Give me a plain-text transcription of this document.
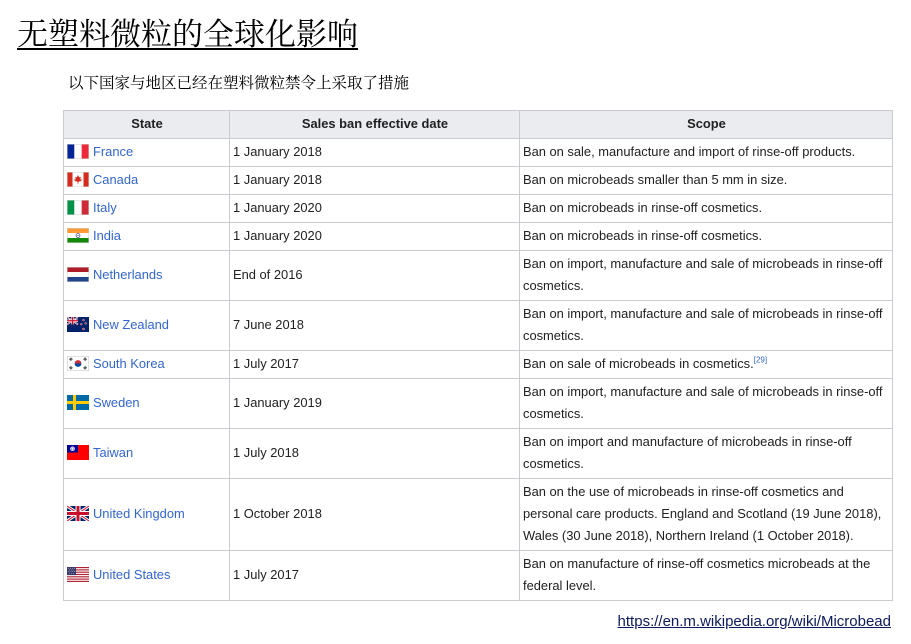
无塑料微粒的全球化影响
以下国家与地区已经在塑料微粒禁令上采取了措施
State	Sales ban effective date	Scope

France	1 January 2018	Ban on sale, manufacture and import of rinse-off products.

Canada	1 January 2018	Ban on microbeads smaller than 5 mm in size.

Italy	1 January 2020	Ban on microbeads in rinse-off cosmetics.

India	1 January 2020	Ban on microbeads in rinse-off cosmetics.

Netherlands	End of 2016	Ban on import, manufacture and sale of microbeads in rinse-off cosmetics.

New Zealand	7 June 2018	Ban on import, manufacture and sale of microbeads in rinse-off cosmetics.

South Korea	1 July 2017	Ban on sale of microbeads in cosmetics.[29]

Sweden	1 January 2019	Ban on import, manufacture and sale of microbeads in rinse-off cosmetics.

Taiwan	1 July 2018	Ban on import and manufacture of microbeads in rinse-off cosmetics.

United Kingdom	1 October 2018	Ban on the use of microbeads in rinse-off cosmetics and personal care products. England and Scotland (19 June 2018), Wales (30 June 2018), Northern Ireland (1 October 2018).

United States	1 July 2017	Ban on manufacture of rinse-off cosmetics microbeads at the federal level.
https://en.m.wikipedia.org/wiki/Microbead
